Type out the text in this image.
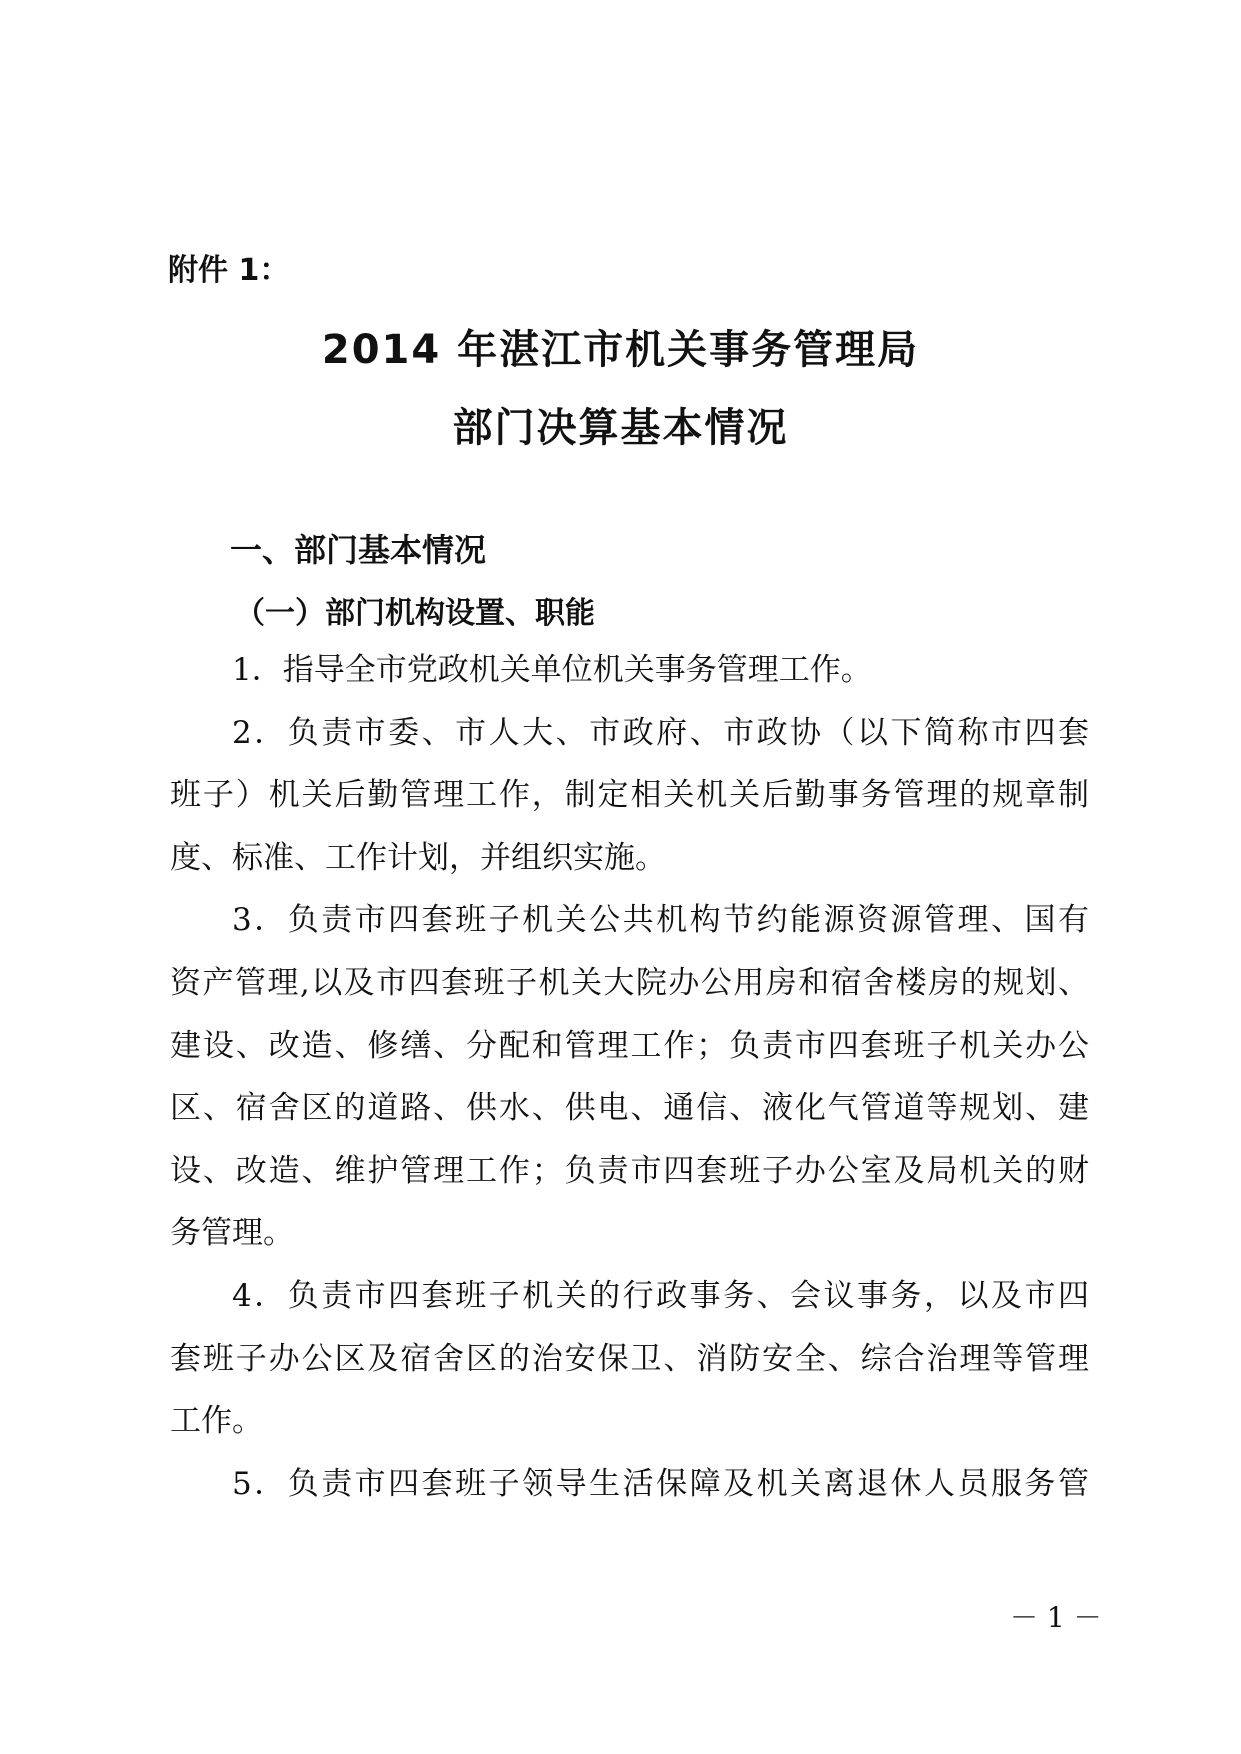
附件 1：
2014 年湛江市机关事务管理局
部门决算基本情况
一、部门基本情况
（一）部门机构设置、职能
1．指导全市党政机关单位机关事务管理工作。
2．负责市委、市人大、市政府、市政协（以下简称市四套
班子）机关后勤管理工作，制定相关机关后勤事务管理的规章制
度、标准、工作计划，并组织实施。
3．负责市四套班子机关公共机构节约能源资源管理、国有
资产管理,以及市四套班子机关大院办公用房和宿舍楼房的规划、
建设、改造、修缮、分配和管理工作；负责市四套班子机关办公
区、宿舍区的道路、供水、供电、通信、液化气管道等规划、建
设、改造、维护管理工作；负责市四套班子办公室及局机关的财
务管理。
4．负责市四套班子机关的行政事务、会议事务，以及市四
套班子办公区及宿舍区的治安保卫、消防安全、综合治理等管理
工作。
5．负责市四套班子领导生活保障及机关离退休人员服务管
－ 1 －
